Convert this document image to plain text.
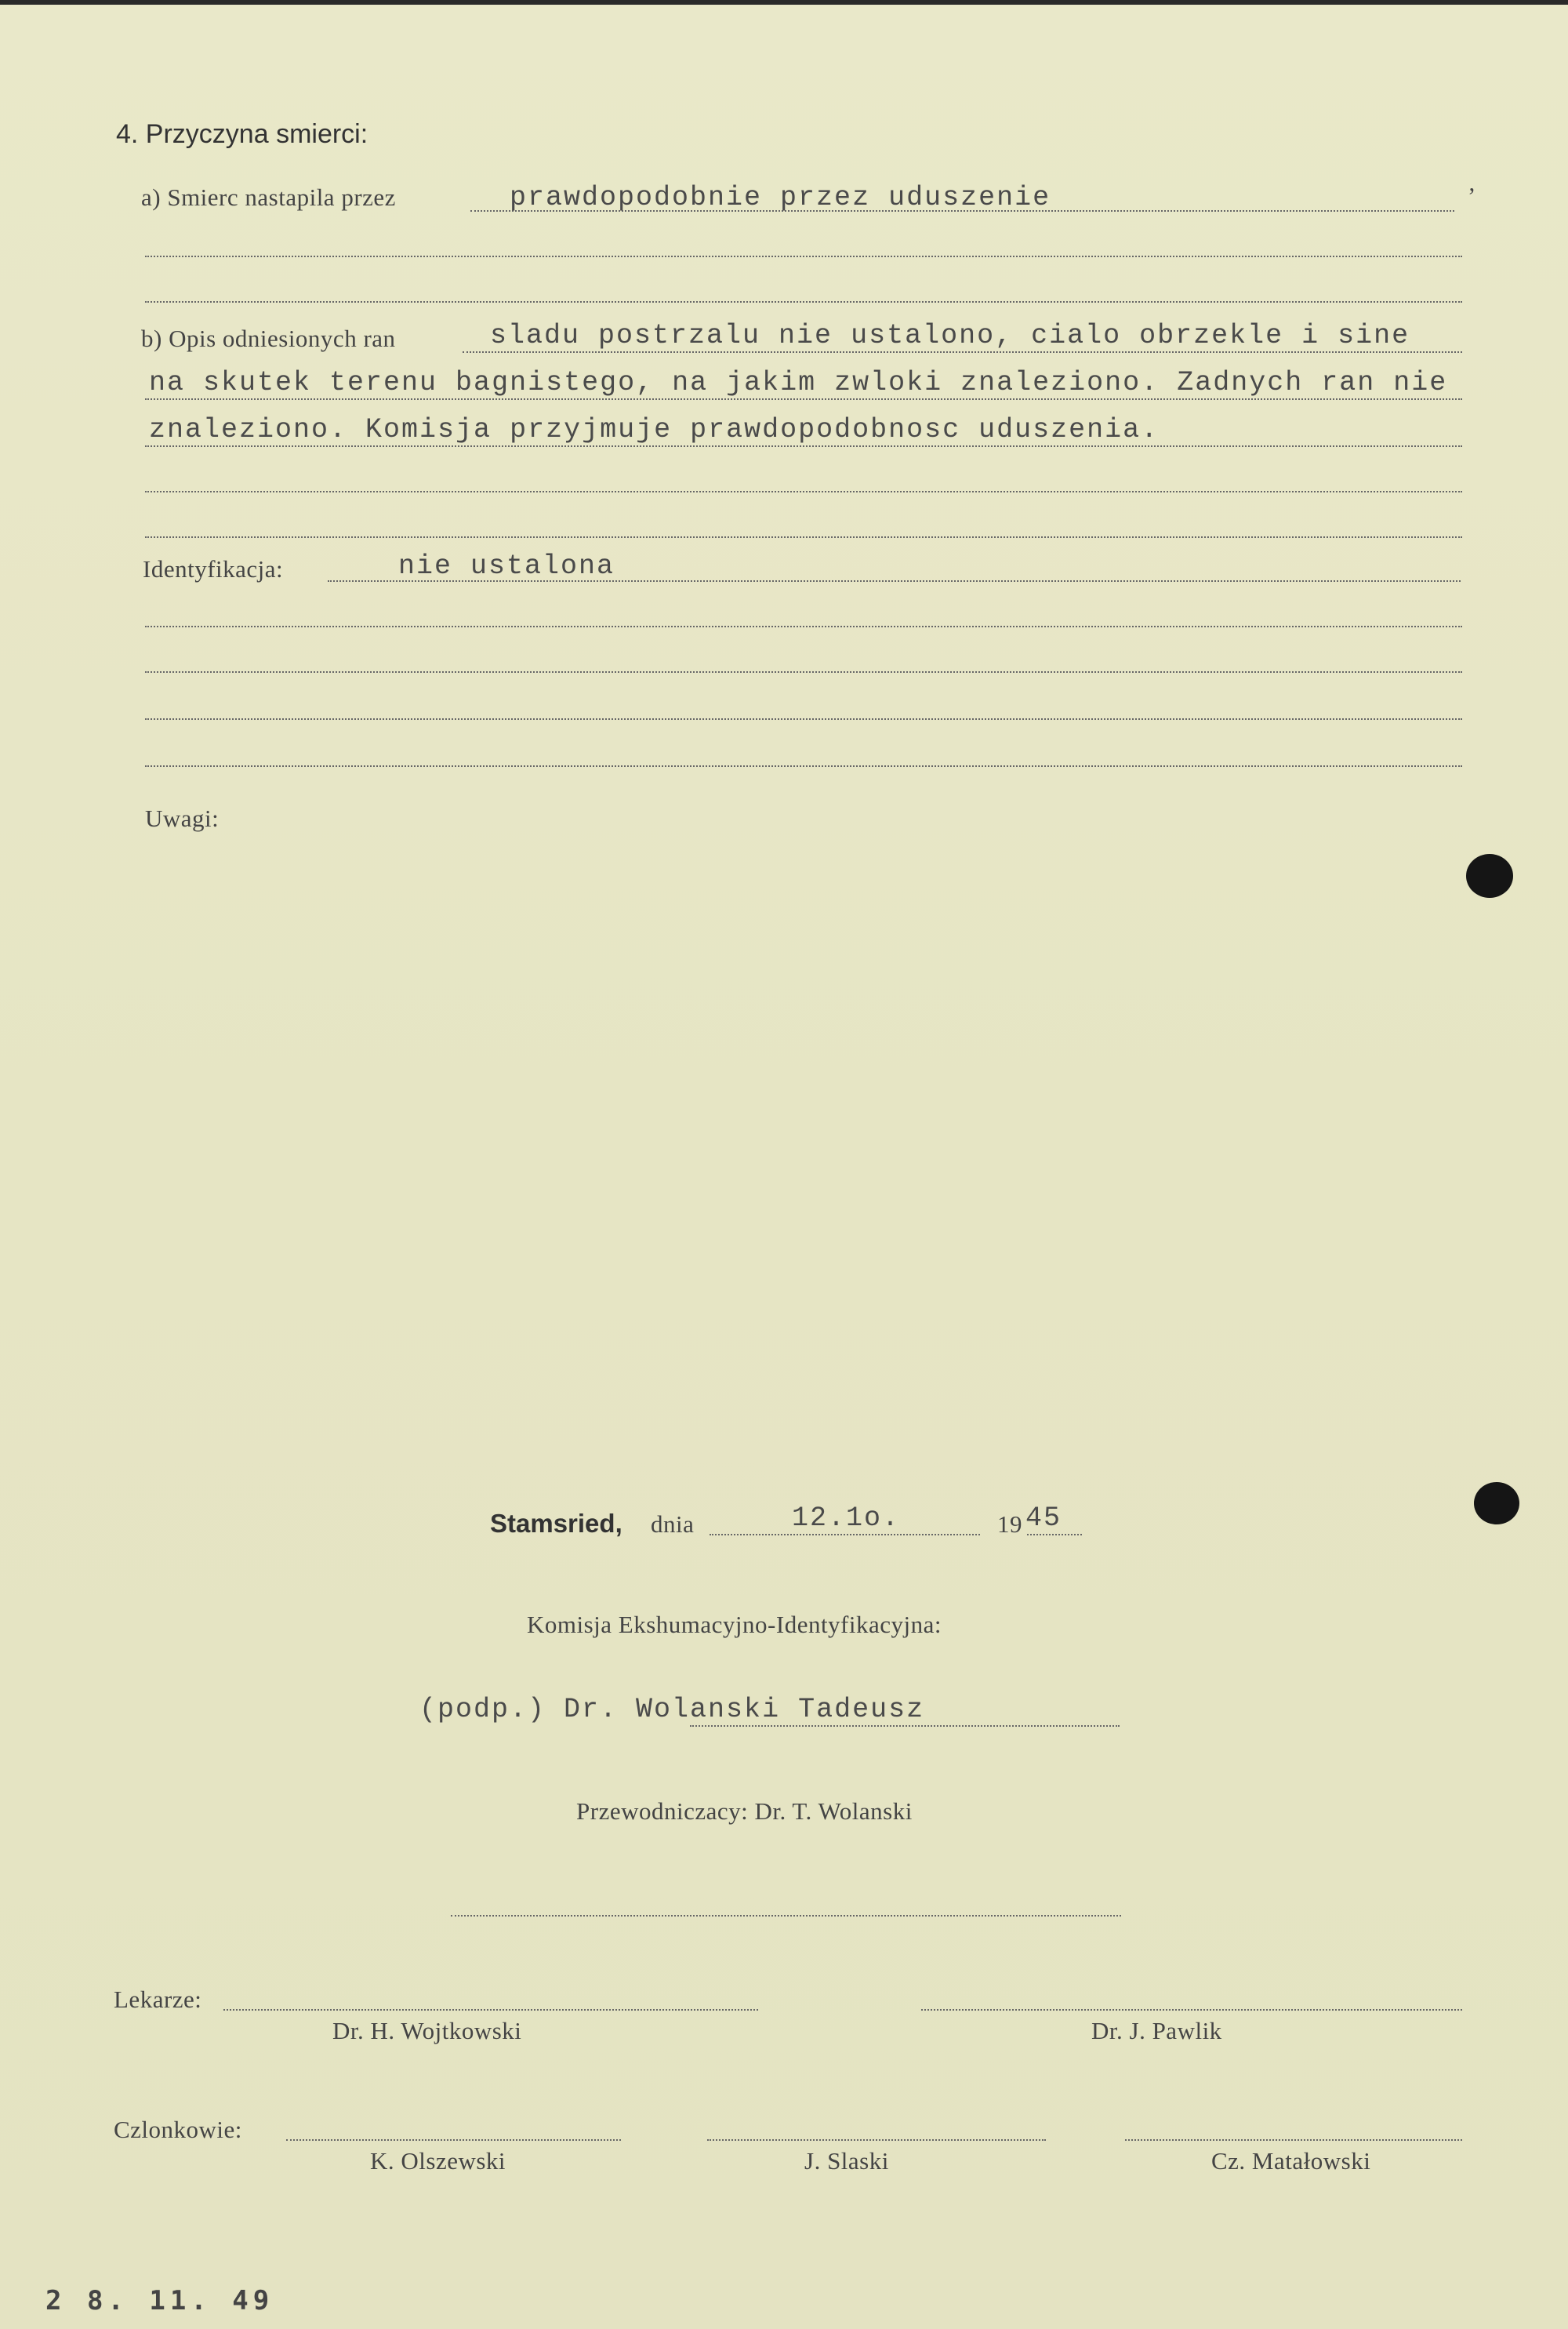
4. Przyczyna smierci:
a) Smierc nastapila przez	prawdopodobnie przez uduszenie	’
b) Opis odniesionych ran	sladu postrzalu nie ustalono, cialo obrzekle i sine
na skutek terenu bagnistego, na jakim zwloki znaleziono. Zadnych ran nie
znaleziono. Komisja przyjmuje prawdopodobnosc uduszenia.
Identyfikacja:	nie ustalona
Uwagi:
Stamsried, dnia	12.1o.	19 45
Komisja Ekshumacyjno-Identyfikacyjna:
(podp.) Dr. Wolanski Tadeusz
Przewodniczacy: Dr. T. Wolanski
Lekarze:
Dr. H. Wojtkowski	Dr. J. Pawlik
Czlonkowie:
K. Olszewski	J. Slaski	Cz. Matałowski
2 8. 11. 49
